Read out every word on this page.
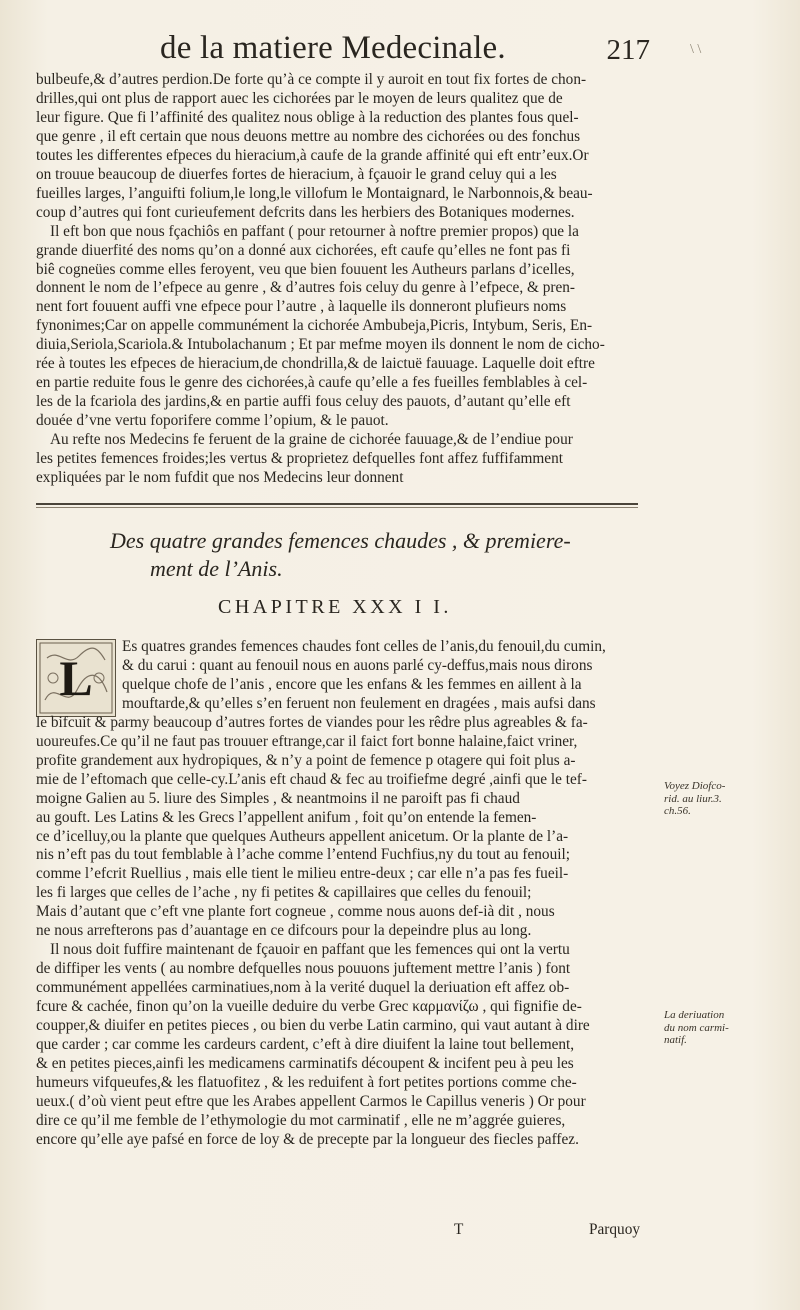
de la matiere Medecinale.	217	\ \

bulbeufe,& d’autres perdion.De forte qu’à ce compte il y auroit en tout fix fortes de chon-

drilles,qui ont plus de rapport auec les cichorées par le moyen de leurs qualitez que de

leur figure. Que fi l’affinité des qualitez nous oblige à la reduction des plantes fous quel-

que genre , il eft certain que nous deuons mettre au nombre des cichorées ou des fonchus

toutes les differentes efpeces du hieracium,à caufe de la grande affinité qui eft entr’eux.Or

on trouue beaucoup de diuerfes fortes de hieracium, à fçauoir le grand celuy qui a les

fueilles larges, l’anguifti folium,le long,le villofum le Montaignard, le Narbonnois,& beau-

coup d’autres qui font curieufement defcrits dans les herbiers des Botaniques modernes.

Il eft bon que nous fçachiôs en paffant ( pour retourner à noftre premier propos) que la

grande diuerfité des noms qu’on a donné aux cichorées, eft caufe qu’elles ne font pas fi

biê cogneües comme elles feroyent, veu que bien fouuent les Autheurs parlans d’icelles,

donnent le nom de l’efpece au genre , & d’autres fois celuy du genre à l’efpece, & pren-

nent fort fouuent auffi vne efpece pour l’autre , à laquelle ils donneront plufieurs noms

fynonimes;Car on appelle communément la cichorée Ambubeja,Picris, Intybum, Seris, En-

diuia,Seriola,Scariola.& Intubolachanum ; Et par mefme moyen ils donnent le nom de cicho-

rée à toutes les efpeces de hieracium,de chondrilla,& de laictuë fauuage. Laquelle doit eftre

en partie reduite fous le genre des cichorées,à caufe qu’elle a fes fueilles femblables à cel-

les de la fcariola des jardins,& en partie auffi fous celuy des pauots, d’autant qu’elle eft

douée d’vne vertu foporifere comme l’opium, & le pauot.

Au refte nos Medecins fe feruent de la graine de cichorée fauuage,& de l’endiue pour

les petites femences froides;les vertus & proprietez defquelles font affez fuffifamment

expliquées par le nom fufdit que nos Medecins leur donnent

Des quatre grandes femences chaudes , & premiere-
ment de l’Anis.
CHAPITRE XXX I I.
L

Es quatres grandes femences chaudes font celles de l’anis,du fenouil,du cumin,

& du carui : quant au fenouil nous en auons parlé cy-deffus,mais nous dirons

quelque chofe de l’anis , encore que les enfans & les femmes en aillent à la

mouftarde,& qu’elles s’en feruent non feulement en dragées , mais aufsi dans

le bifcuit & parmy beaucoup d’autres fortes de viandes pour les rêdre plus agreables & fa-

uoureufes.Ce qu’il ne faut pas trouuer eftrange,car il faict fort bonne halaine,faict vriner,

profite grandement aux hydropiques, & n’y a point de femence p otagere qui foit plus a-

mie de l’eftomach que celle-cy.L’anis eft chaud & fec au troifiefme degré ,ainfi que le tef-

moigne Galien au 5. liure des Simples , & neantmoins il ne paroift pas fi chaud

au gouft. Les Latins & les Grecs l’appellent anifum , foit qu’on entende la femen-

ce d’icelluy,ou la plante que quelques Autheurs appellent anicetum. Or la plante de l’a-

nis n’eft pas du tout femblable à l’ache comme l’entend Fuchfius,ny du tout au fenouil;

comme l’efcrit Ruellius , mais elle tient le milieu entre-deux ; car elle n’a pas fes fueil-

les fi larges que celles de l’ache , ny fi petites & capillaires que celles du fenouil;

Mais d’autant que c’eft vne plante fort cogneue , comme nous auons def-ià dit , nous

ne nous arrefterons pas d’auantage en ce difcours pour la depeindre plus au long.

Il nous doit fuffire maintenant de fçauoir en paffant que les femences qui ont la vertu

de diffiper les vents ( au nombre defquelles nous pouuons juftement mettre l’anis ) font

communément appellées carminatiues,nom à la verité duquel la deriuation eft affez ob-

fcure & cachée, finon qu’on la vueille deduire du verbe Grec καρμανίζω , qui fignifie de-

coupper,& diuifer en petites pieces , ou bien du verbe Latin carmino, qui vaut autant à dire

que carder ; car comme les cardeurs cardent, c’eft à dire diuifent la laine tout bellement,

& en petites pieces,ainfi les medicamens carminatifs découpent & incifent peu à peu les

humeurs vifqueufes,& les flatuofitez , & les reduifent à fort petites portions comme che-

ueux.( d’où vient peut eftre que les Arabes appellent Carmos le Capillus veneris ) Or pour

dire ce qu’il me femble de l’ethymologie du mot carminatif , elle ne m’aggrée guieres,

encore qu’elle aye pafsé en force de loy & de precepte par la longueur des fiecles paffez.

Voyez Diofco-
rid. au liur.3.
ch.56.
La deriuation
du nom carmi-
natif.
T	Parquoy
